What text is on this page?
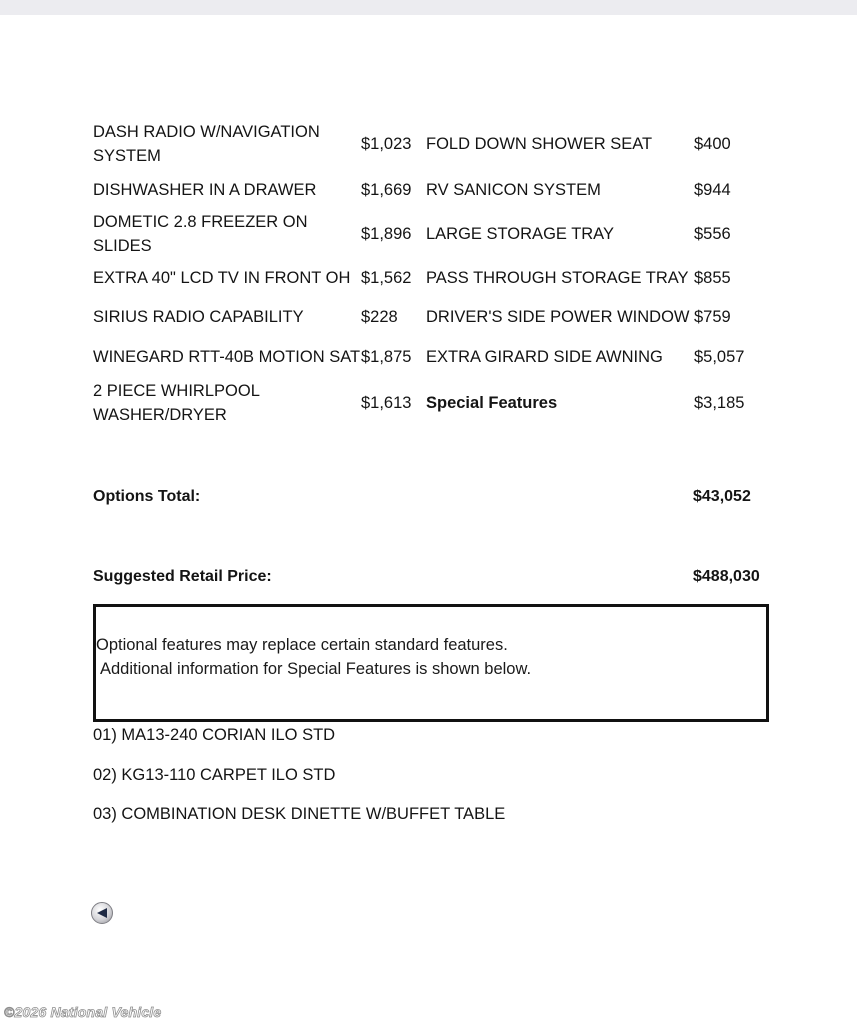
DASH RADIO W/NAVIGATION SYSTEM	$1,023	FOLD DOWN SHOWER SEAT	$400
DISHWASHER IN A DRAWER	$1,669	RV SANICON SYSTEM	$944
DOMETIC 2.8 FREEZER ON SLIDES	$1,896	LARGE STORAGE TRAY	$556
EXTRA 40" LCD TV IN FRONT OH	$1,562	PASS THROUGH STORAGE TRAY	$855
SIRIUS RADIO CAPABILITY	$228	DRIVER'S SIDE POWER WINDOW	$759
WINEGARD RTT-40B MOTION SAT	$1,875	EXTRA GIRARD SIDE AWNING	$5,057
2 PIECE WHIRLPOOL WASHER/DRYER	$1,613	Special Features	$3,185
Options Total:	$43,052
Suggested Retail Price:	$488,030
Optional features may replace certain standard features.
Additional information for Special Features is shown below.
01) MA13-240 CORIAN ILO STD
02) KG13-110 CARPET ILO STD
03) COMBINATION DESK DINETTE W/BUFFET TABLE
©2026 National Vehicle
